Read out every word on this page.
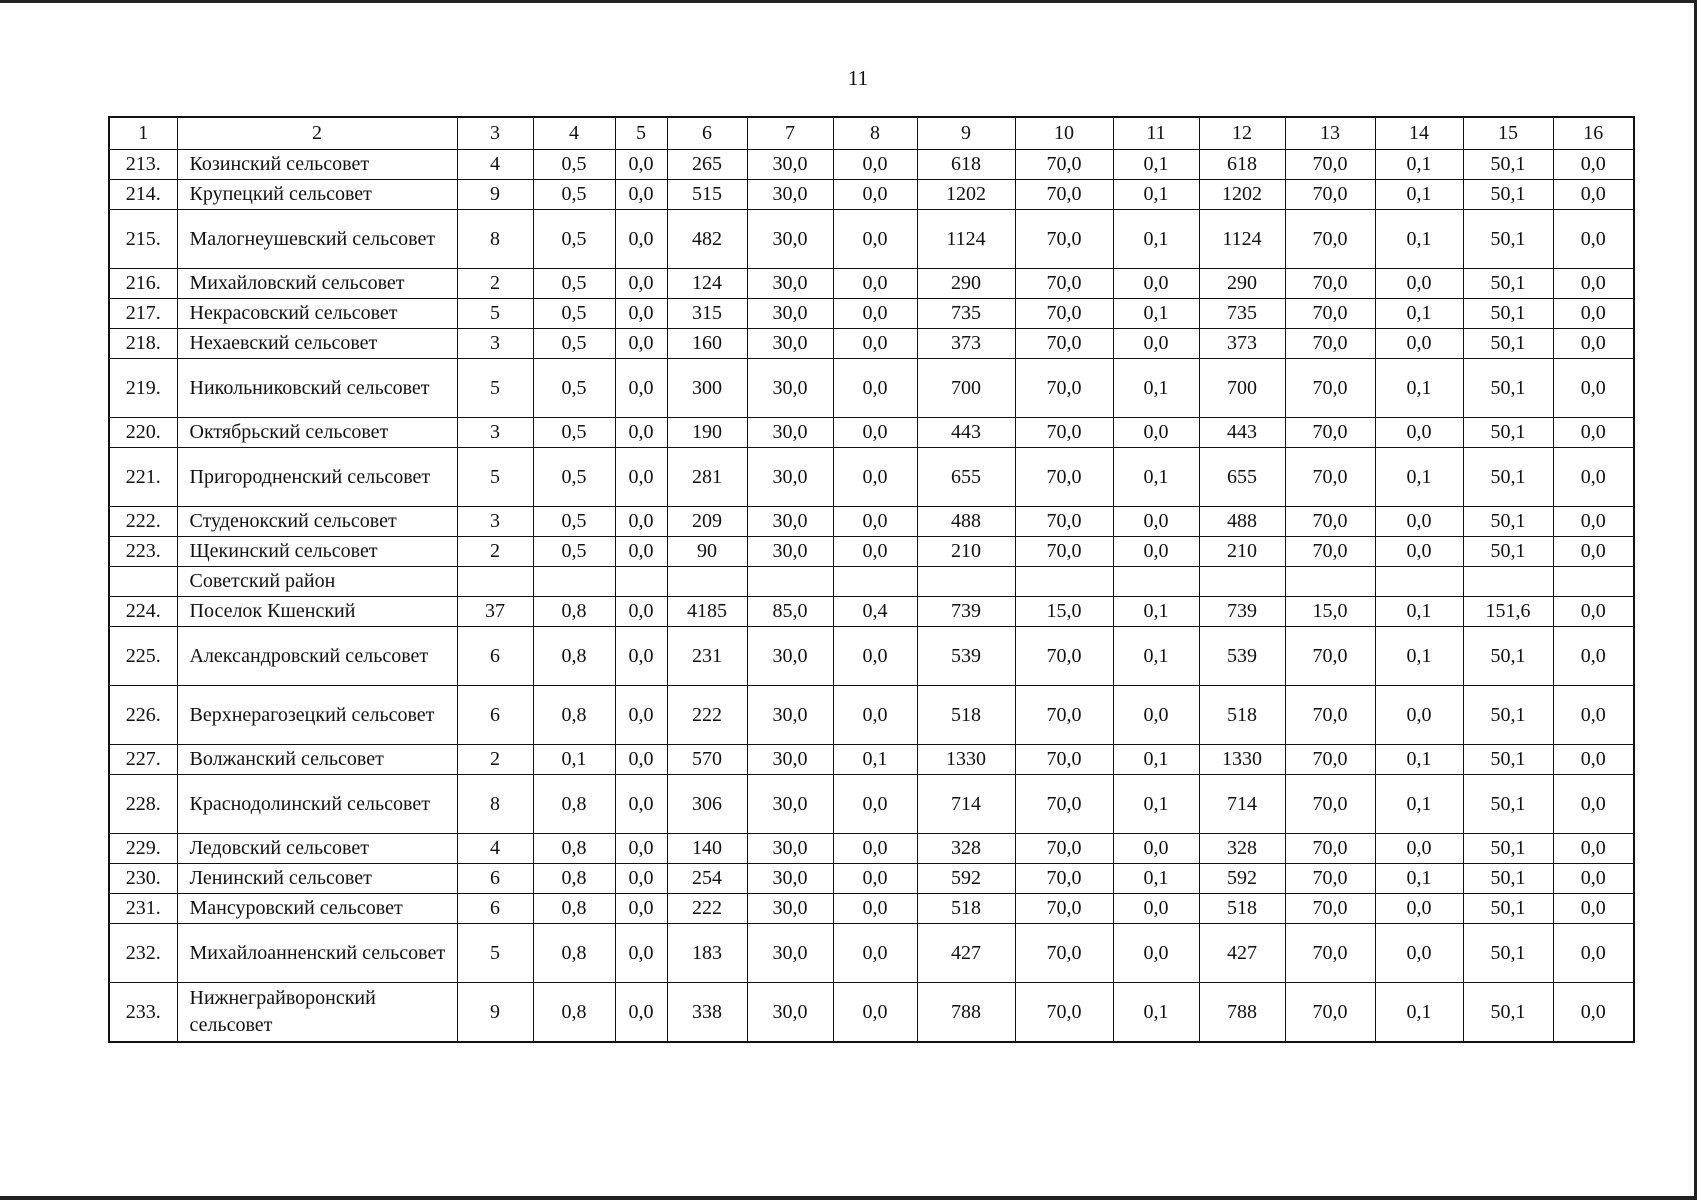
11
1	2	3	4	5	6	7	8	9	10	11	12	13	14	15	16
213.	Козинский сельсовет	4	0,5	0,0	265	30,0	0,0	618	70,0	0,1	618	70,0	0,1	50,1	0,0
214.	Крупецкий сельсовет	9	0,5	0,0	515	30,0	0,0	1202	70,0	0,1	1202	70,0	0,1	50,1	0,0
215.	Малогнеушевский сельсовет	8	0,5	0,0	482	30,0	0,0	1124	70,0	0,1	1124	70,0	0,1	50,1	0,0
216.	Михайловский сельсовет	2	0,5	0,0	124	30,0	0,0	290	70,0	0,0	290	70,0	0,0	50,1	0,0
217.	Некрасовский сельсовет	5	0,5	0,0	315	30,0	0,0	735	70,0	0,1	735	70,0	0,1	50,1	0,0
218.	Нехаевский сельсовет	3	0,5	0,0	160	30,0	0,0	373	70,0	0,0	373	70,0	0,0	50,1	0,0
219.	Никольниковский сельсовет	5	0,5	0,0	300	30,0	0,0	700	70,0	0,1	700	70,0	0,1	50,1	0,0
220.	Октябрьский сельсовет	3	0,5	0,0	190	30,0	0,0	443	70,0	0,0	443	70,0	0,0	50,1	0,0
221.	Пригородненский сельсовет	5	0,5	0,0	281	30,0	0,0	655	70,0	0,1	655	70,0	0,1	50,1	0,0
222.	Студенокский сельсовет	3	0,5	0,0	209	30,0	0,0	488	70,0	0,0	488	70,0	0,0	50,1	0,0
223.	Щекинский сельсовет	2	0,5	0,0	90	30,0	0,0	210	70,0	0,0	210	70,0	0,0	50,1	0,0
	Советский район														
224.	Поселок Кшенский	37	0,8	0,0	4185	85,0	0,4	739	15,0	0,1	739	15,0	0,1	151,6	0,0
225.	Александровский сельсовет	6	0,8	0,0	231	30,0	0,0	539	70,0	0,1	539	70,0	0,1	50,1	0,0
226.	Верхнерагозецкий сельсовет	6	0,8	0,0	222	30,0	0,0	518	70,0	0,0	518	70,0	0,0	50,1	0,0
227.	Волжанский сельсовет	2	0,1	0,0	570	30,0	0,1	1330	70,0	0,1	1330	70,0	0,1	50,1	0,0
228.	Краснодолинский сельсовет	8	0,8	0,0	306	30,0	0,0	714	70,0	0,1	714	70,0	0,1	50,1	0,0
229.	Ледовский сельсовет	4	0,8	0,0	140	30,0	0,0	328	70,0	0,0	328	70,0	0,0	50,1	0,0
230.	Ленинский сельсовет	6	0,8	0,0	254	30,0	0,0	592	70,0	0,1	592	70,0	0,1	50,1	0,0
231.	Мансуровский сельсовет	6	0,8	0,0	222	30,0	0,0	518	70,0	0,0	518	70,0	0,0	50,1	0,0
232.	Михайлоанненский сельсовет	5	0,8	0,0	183	30,0	0,0	427	70,0	0,0	427	70,0	0,0	50,1	0,0
233.	Нижнеграйворонский сельсовет	9	0,8	0,0	338	30,0	0,0	788	70,0	0,1	788	70,0	0,1	50,1	0,0
